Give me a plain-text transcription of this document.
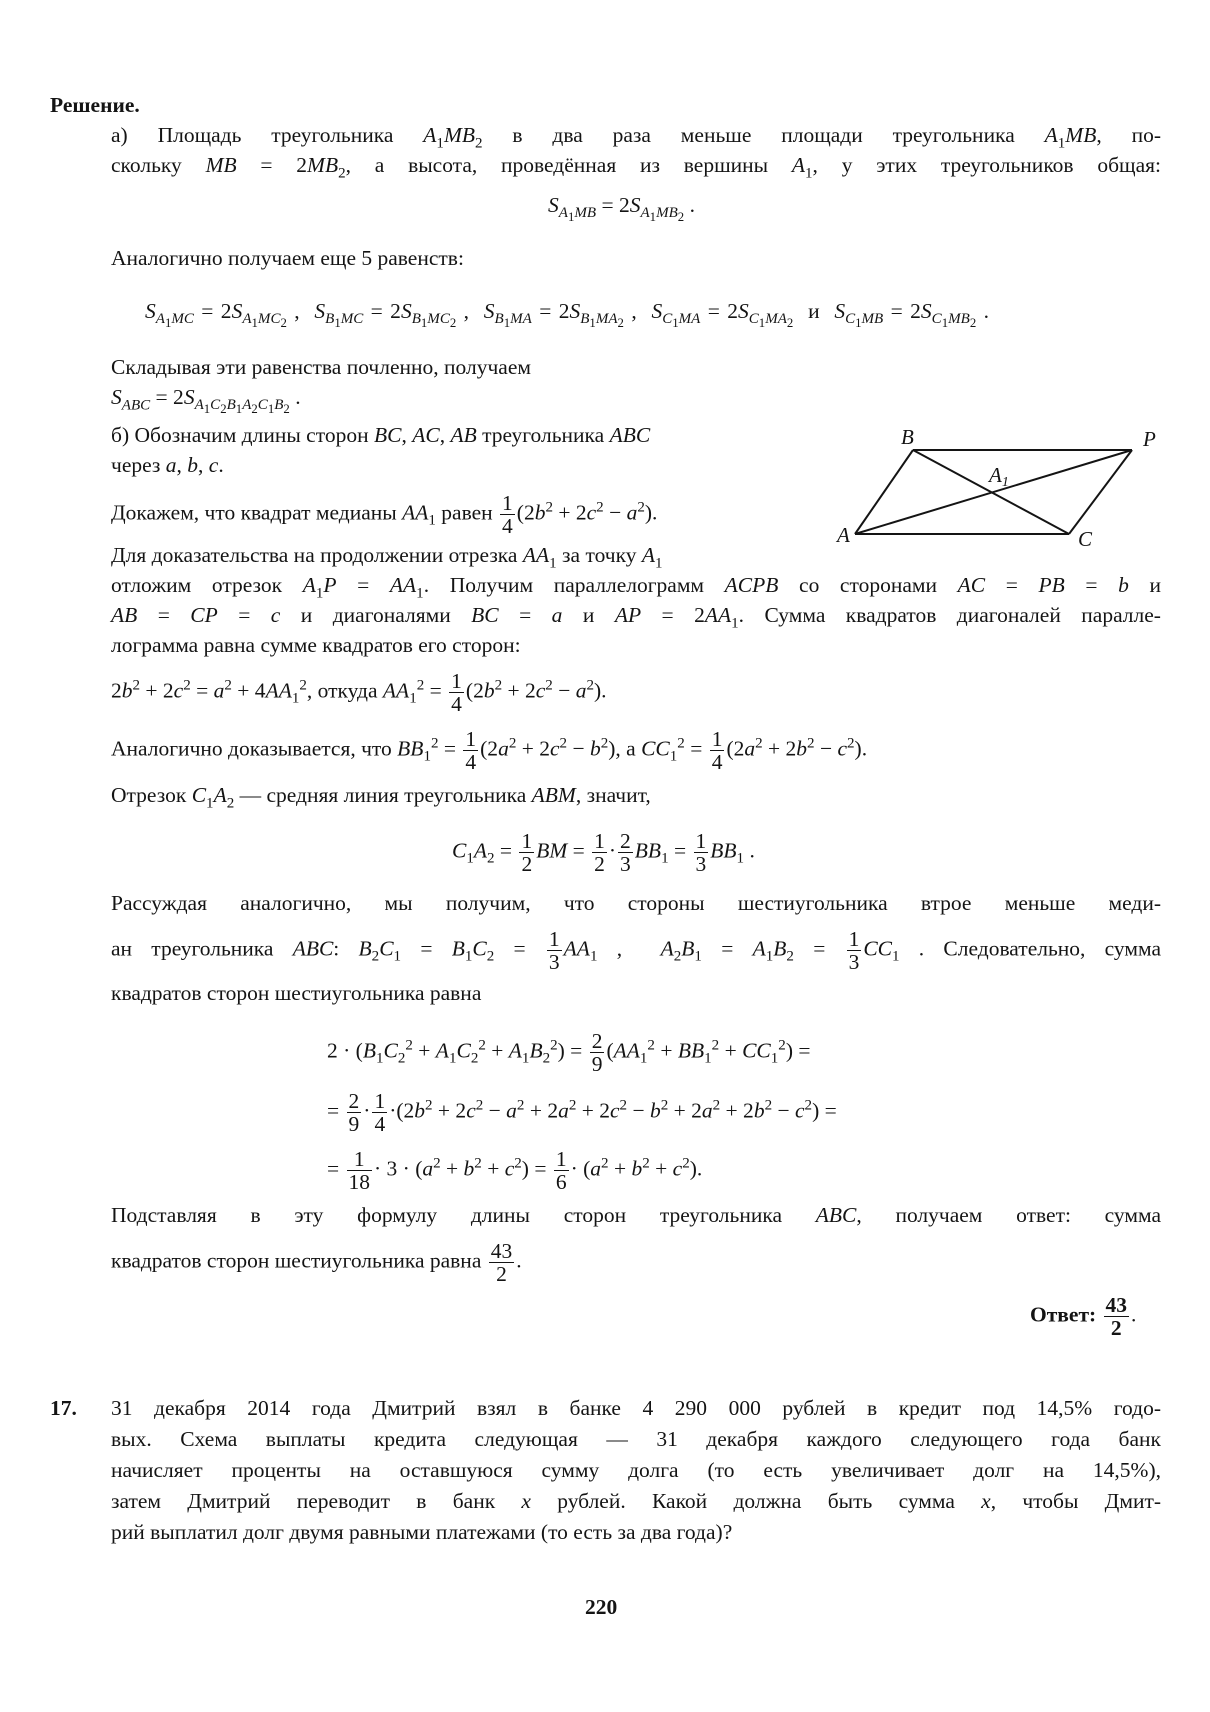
Решение.

а) Площадь треугольника $A_1MB_2$ в два раза меньше площади треугольника $A_1MB$, по-

скольку MB = $2MB_2$, а высота, проведённая из вершины $A_1$, у этих треугольников общая:

$S_{A_1MB} = 2S_{A_1MB_2}$ .

Аналогично получаем еще 5 равенств:

$S_{A_1MC} = 2S_{A_1MC_2}$ ,  $S_{B_1MC} = 2S_{B_1MC_2}$ ,  $S_{B_1MA} = 2S_{B_1MA_2}$ ,  $S_{C_1MA} = 2S_{C_1MA_2}$  и  $S_{C_1MB} = 2S_{C_1MB_2}$ .

Складывая эти равенства почленно, получаем

$S_{ABC} = 2S_{A_1C_2B_1A_2C_1B_2}$ .

б) Обозначим длины сторон BC, AC, AB треугольника ABC

через a, b, c.

Докажем, что квадрат медианы $AA_1$ равен $\frac{1}{4} (2b^2 + 2c^2 - a^2)$.

B	P
A1
A	C

Для доказательства на продолжении отрезка $AA_1$ за точку $A_1$

отложим отрезок $A_1P = AA_1$. Получим параллелограмм ACPB со сторонами AC = PB = b и

AB = CP = c и диагоналями BC = a и AP = $2AA_1$. Сумма квадратов диагоналей паралле-

лограмма равна сумме квадратов его сторон:

$2b^2 + 2c^2 = a^2 + 4AA_1^2$, откуда $AA_1^2 = \frac{1}{4} (2b^2 + 2c^2 - a^2)$.

Аналогично доказывается, что $BB_1^2 = \frac{1}{4} (2a^2 + 2c^2 - b^2)$, а $CC_1^2 = \frac{1}{4} (2a^2 + 2b^2 - c^2)$.

Отрезок $C_1A_2$ — средняя линия треугольника ABM, значит,

$C_1A_2 = \frac{1}{2}$ BM = $\frac{1}{2} \cdot \frac{2}{3} BB_1 = \frac{1}{3} BB_1$ .

Рассуждая аналогично, мы получим, что стороны шестиугольника втрое меньше меди-

ан треугольника ABC: $B_2C_1 = B_1C_2 = \frac{1}{3} AA_1$ ,  $A_2B_1 = A_1B_2 = \frac{1}{3} CC_1$ . Следовательно, сумма

квадратов сторон шестиугольника равна

$2 \cdot (B_1C_2^2 + A_1C_2^2 + A_1B_2^2) = \frac{2}{9} (AA_1^2 + BB_1^2 + CC_1^2)$ =

= $\frac{2}{9} \cdot \frac{1}{4} \cdot(2b^2 + 2c^2 - a^2 + 2a^2 + 2c^2 - b^2 + 2a^2 + 2b^2 - c^2)$ =

= $\frac{1}{18} \cdot 3 \cdot (a^2 + b^2 + c^2) = \frac{1}{6} \cdot (a^2 + b^2 + c^2)$.

Подставляя в эту формулу длины сторон треугольника ABC, получаем ответ: сумма

квадратов сторон шестиугольника равна $\frac{43}{2}$ .

Ответ: $\frac{43}{2}$ .

17. 31 декабря 2014 года Дмитрий взял в банке 4 290 000 рублей в кредит под 14,5% годо-

вых. Схема выплаты кредита следующая — 31 декабря каждого следующего года банк

начисляет проценты на оставшуюся сумму долга (то есть увеличивает долг на 14,5%),

затем Дмитрий переводит в банк x рублей. Какой должна быть сумма x, чтобы Дмит-

рий выплатил долг двумя равными платежами (то есть за два года)?

220
